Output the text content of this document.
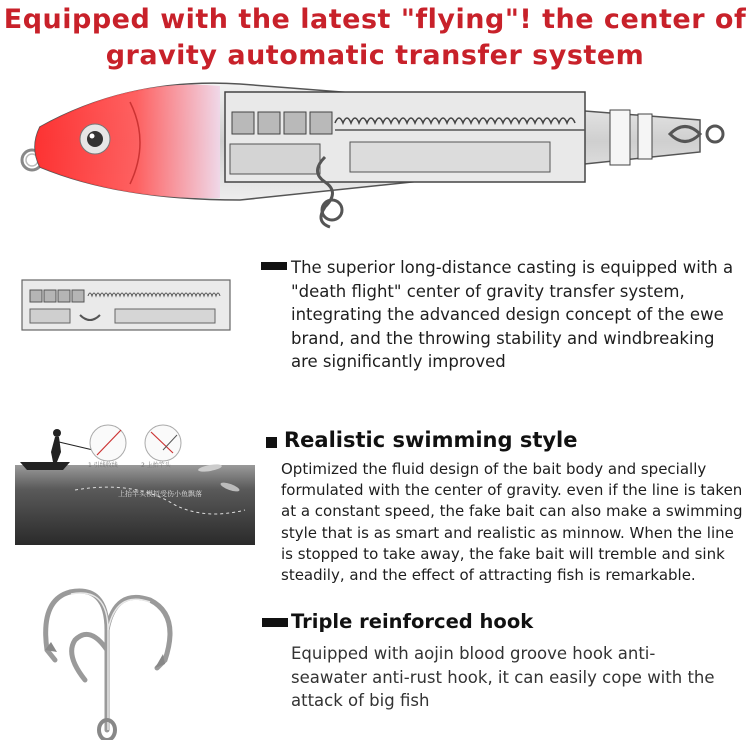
Equipped with the latest "flying"! the center of
gravity automatic transfer system

1 引线收线	2 上抬竿头

上抬竿头模拟受伤小鱼飘落

The superior long-distance casting is equipped with a "death flight" center of gravity transfer system, integrating the advanced design concept of the ewe brand, and the throwing stability and windbreaking are significantly improved

Realistic swimming style

Optimized the fluid design of the bait body and specially formulated with the center of gravity. even if the line is taken at a constant speed, the fake bait can also make a swimming style that is as smart and realistic as minnow. When the line is stopped to take away, the fake bait will tremble and sink steadily, and the effect of attracting fish is remarkable.

Triple reinforced hook

Equipped with aojin blood groove hook anti-seawater anti-rust hook, it can easily cope with the attack of big fish
